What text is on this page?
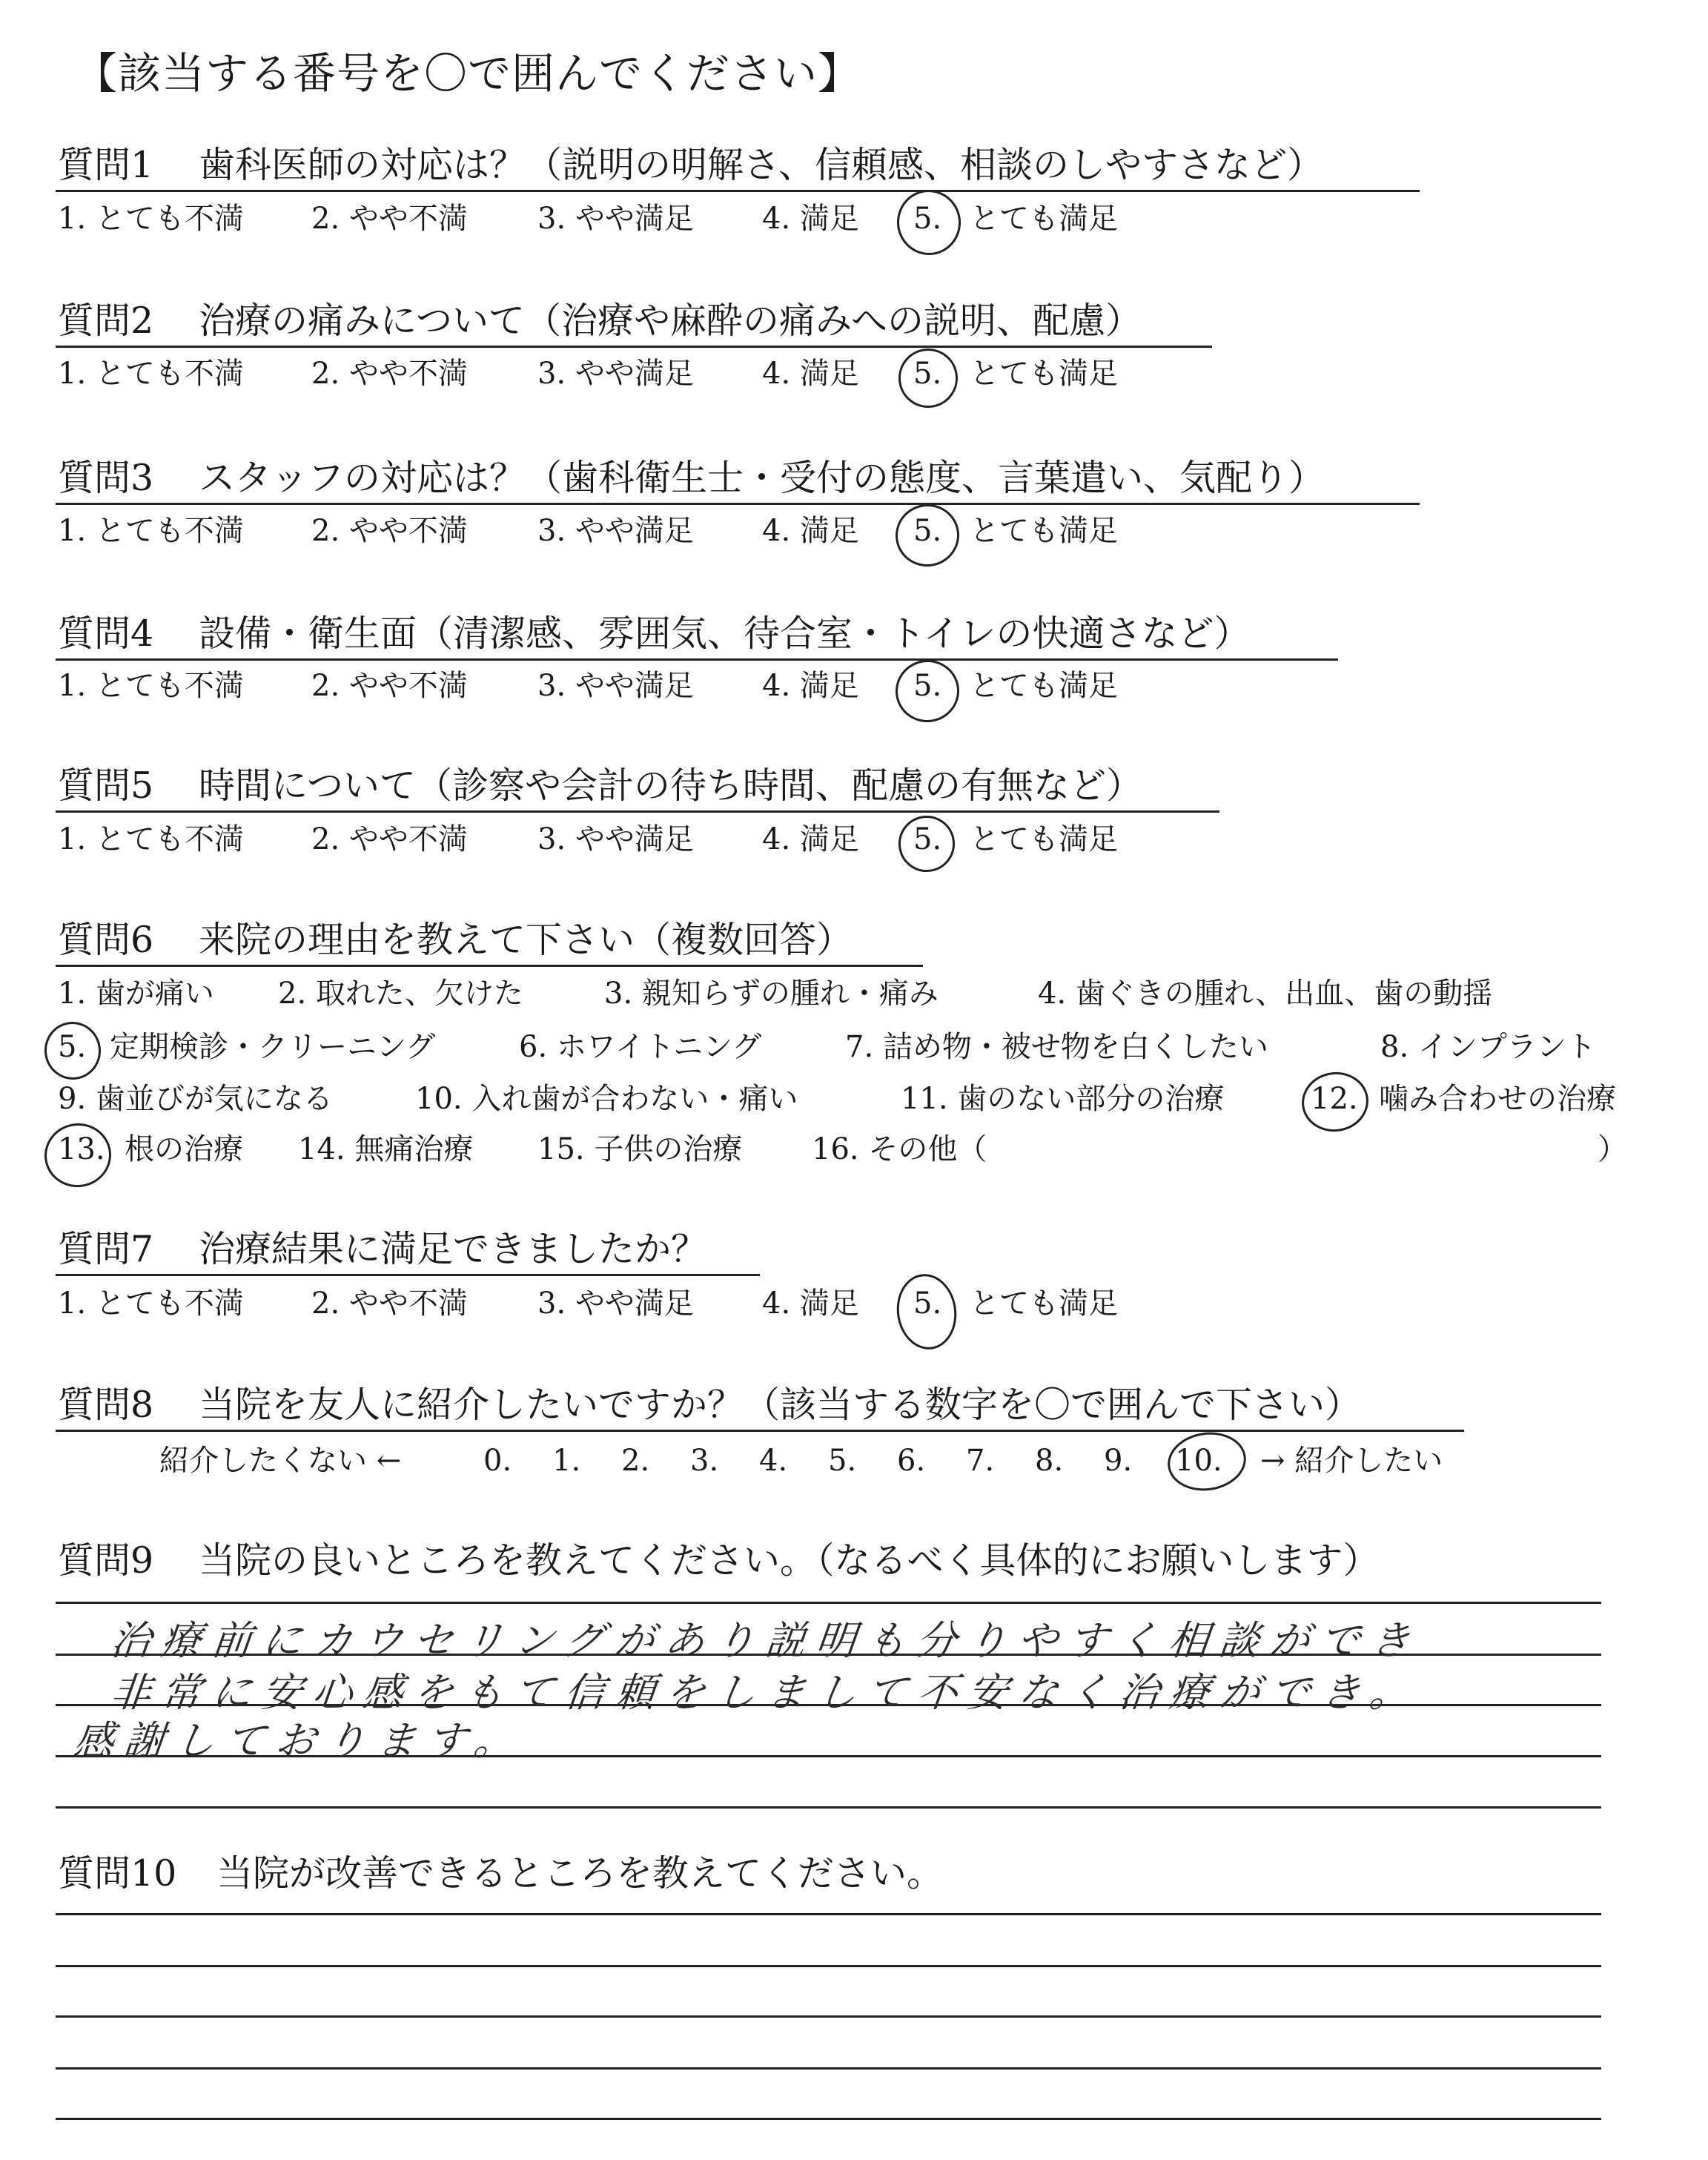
【該当する番号を〇で囲んでください】
質問1 歯科医師の対応は？（説明の明解さ、信頼感、相談のしやすさなど）
1. とても不満 2. やや不満 3. やや満足 4. 満足 5. とても満足
質問2 治療の痛みについて（治療や麻酔の痛みへの説明、配慮）
1. とても不満 2. やや不満 3. やや満足 4. 満足 5. とても満足
質問3 スタッフの対応は？（歯科衛生士・受付の態度、言葉遣い、気配り）
1. とても不満 2. やや不満 3. やや満足 4. 満足 5. とても満足
質問4 設備・衛生面（清潔感、雰囲気、待合室・トイレの快適さなど）
1. とても不満 2. やや不満 3. やや満足 4. 満足 5. とても満足
質問5 時間について（診察や会計の待ち時間、配慮の有無など）
1. とても不満 2. やや不満 3. やや満足 4. 満足 5. とても満足
質問6 来院の理由を教えて下さい（複数回答）
1. 歯が痛い 2. 取れた、欠けた	3. 親知らずの腫れ・痛み	4. 歯ぐきの腫れ、出血、歯の動揺
5. 定期検診・クリーニング	6. ホワイトニング	7. 詰め物・被せ物を白くしたい	8. インプラント
9. 歯並びが気になる	10. 入れ歯が合わない・痛い	11. 歯のない部分の治療	12. 噛み合わせの治療
13. 根の治療 14. 無痛治療 15. 子供の治療 16. その他（	）
質問7 治療結果に満足できましたか？
1. とても不満 2. やや不満 3. やや満足 4. 満足 5. とても満足
質問8 当院を友人に紹介したいですか？（該当する数字を〇で囲んで下さい）
紹介したくない ←	0. 1. 2. 3. 4. 5. 6. 7. 8. 9. 10. → 紹介したい
質問9 当院の良いところを教えてください。（なるべく具体的にお願いします）
治療前にカウセリングがあり説明も分りやすく相談ができ
非常に安心感をもて信頼をしまして不安なく治療ができ。
感謝しております。
質問10 当院が改善できるところを教えてください。
